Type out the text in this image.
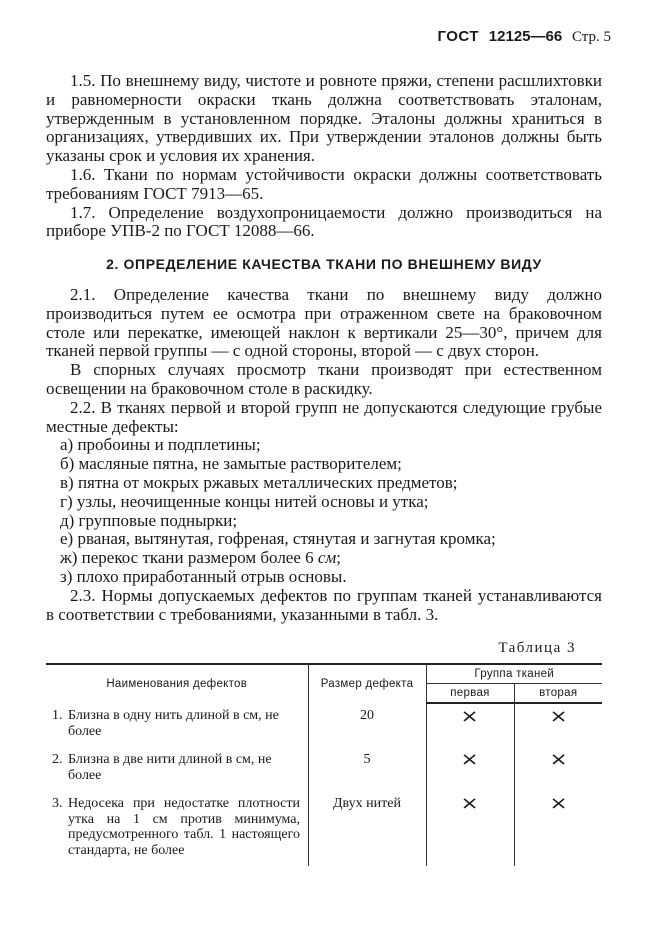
ГОСТ 12125—66 Стр. 5

1.5. По внешнему виду, чистоте и ровноте пряжи, степени расшлихтовки и равномерности окраски ткань должна соответствовать эталонам, утвержденным в установленном порядке. Эталоны должны храниться в организациях, утвердивших их. При утверждении эталонов должны быть указаны срок и условия их хранения.

1.6. Ткани по нормам устойчивости окраски должны соответствовать требованиям ГОСТ 7913—65.

1.7. Определение воздухопроницаемости должно производиться на приборе УПВ-2 по ГОСТ 12088—66.

2. ОПРЕДЕЛЕНИЕ КАЧЕСТВА ТКАНИ ПО ВНЕШНЕМУ ВИДУ

2.1. Определение качества ткани по внешнему виду должно производиться путем ее осмотра при отраженном свете на браковочном столе или перекатке, имеющей наклон к вертикали 25—30°, причем для тканей первой группы — с одной стороны, второй — с двух сторон.

В спорных случаях просмотр ткани производят при естественном освещении на браковочном столе в раскидку.

2.2. В тканях первой и второй групп не допускаются следующие грубые местные дефекты:

а) пробоины и подплетины;

б) масляные пятна, не замытые растворителем;

в) пятна от мокрых ржавых металлических предметов;

г) узлы, неочищенные концы нитей основы и утка;

д) групповые поднырки;

е) рваная, вытянутая, гофреная, стянутая и загнутая кромка;

ж) перекос ткани размером более 6 см;

з) плохо приработанный отрыв основы.

2.3. Нормы допускаемых дефектов по группам тканей устанавливаются в соответствии с требованиями, указанными в табл. 3.

Таблица 3
Наименования дефектов	Размер дефекта	Группа тканей	
		первая	вторая
1. Близна в одну нить длиной в см, не более	20	×	×
2. Близна в две нити длиной в см, не более	5	×	×
3. Недосека при недостатке плотности утка на 1 см против минимума, предусмотренного табл. 1 настоящего стандарта, не более	Двух нитей	×	×
